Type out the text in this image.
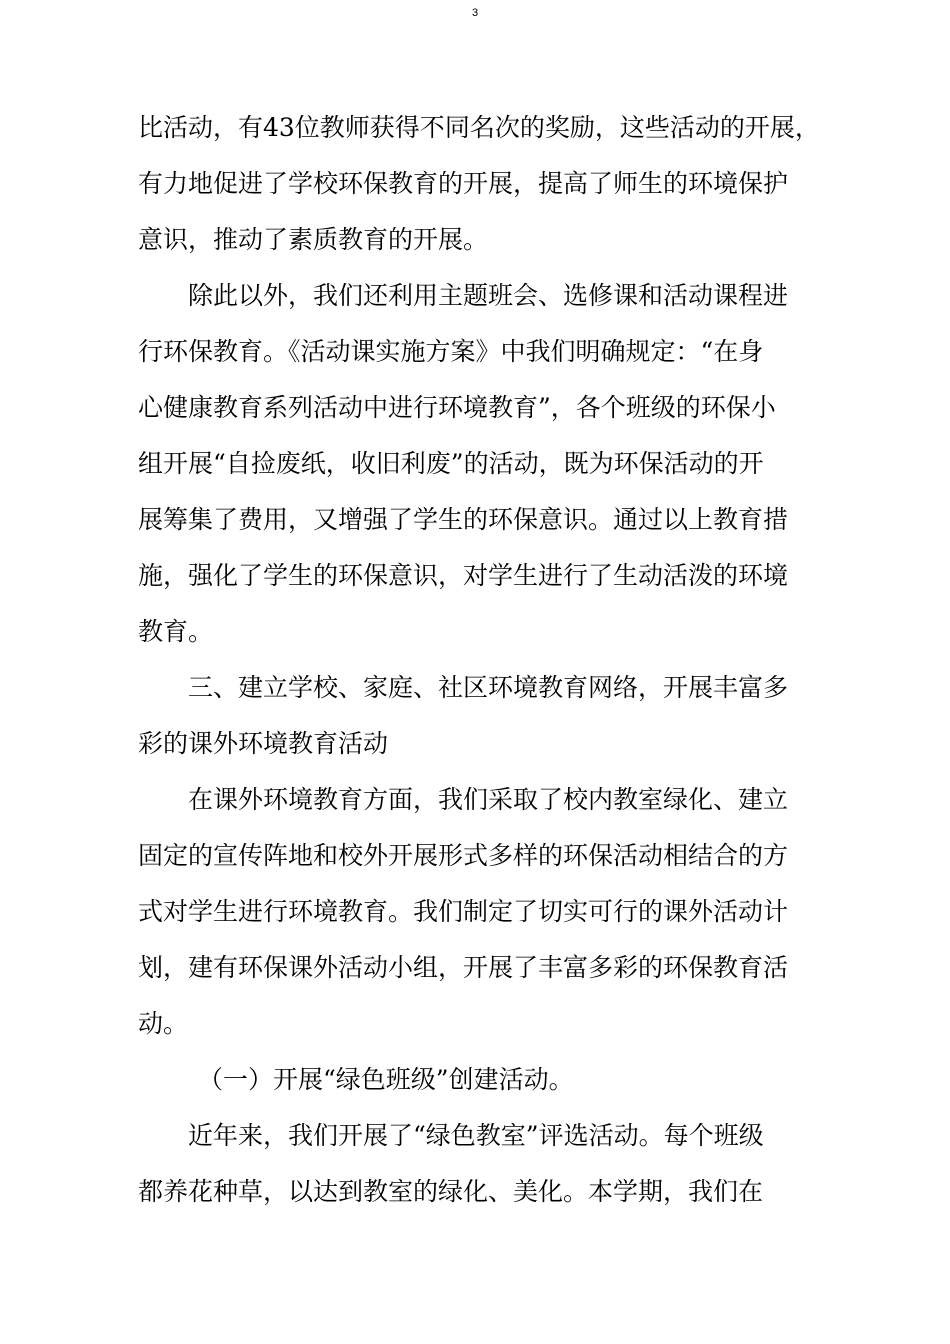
3
比活动，有43位教师获得不同名次的奖励，这些活动的开展，
有力地促进了学校环保教育的开展，提高了师生的环境保护
意识，推动了素质教育的开展。
除此以外，我们还利用主题班会、选修课和活动课程进
行环保教育。《活动课实施方案》中我们明确规定：“在身
心健康教育系列活动中进行环境教育”，各个班级的环保小
组开展“自捡废纸，收旧利废”的活动，既为环保活动的开
展筹集了费用，又增强了学生的环保意识。通过以上教育措
施，强化了学生的环保意识，对学生进行了生动活泼的环境
教育。
三、建立学校、家庭、社区环境教育网络，开展丰富多
彩的课外环境教育活动
在课外环境教育方面，我们采取了校内教室绿化、建立
固定的宣传阵地和校外开展形式多样的环保活动相结合的方
式对学生进行环境教育。我们制定了切实可行的课外活动计
划，建有环保课外活动小组，开展了丰富多彩的环保教育活
动。
（一）开展“绿色班级”创建活动。
近年来，我们开展了“绿色教室”评选活动。每个班级
都养花种草，以达到教室的绿化、美化。本学期，我们在
